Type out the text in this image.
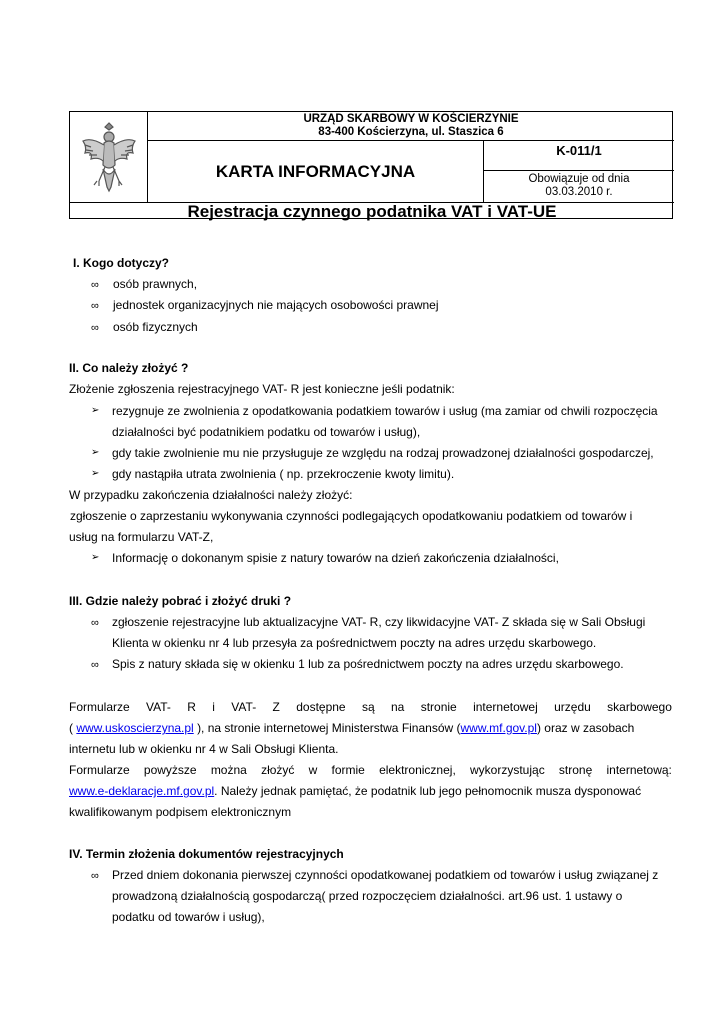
URZĄD SKARBOWY W KOŚCIERZYNIE
83-400 Kościerzyna, ul. Staszica 6
KARTA INFORMACYJNA
K-011/1
Obowiązuje od dnia
03.03.2010 r.
Rejestracja czynnego podatnika VAT i VAT-UE
I. Kogo dotyczy?
∞ osób prawnych,
∞ jednostek organizacyjnych nie mających osobowości prawnej
∞ osób fizycznych
II. Co należy złożyć ?
Złożenie zgłoszenia rejestracyjnego VAT- R jest konieczne jeśli podatnik:
➢ rezygnuje ze zwolnienia z opodatkowania podatkiem towarów i usług (ma zamiar od chwili rozpoczęcia
działalności być podatnikiem podatku od towarów i usług),
➢ gdy takie zwolnienie mu nie przysługuje ze względu na rodzaj prowadzonej działalności gospodarczej,
➢ gdy nastąpiła utrata zwolnienia ( np. przekroczenie kwoty limitu).
W przypadku zakończenia działalności należy złożyć:
zgłoszenie o zaprzestaniu wykonywania czynności podlegających opodatkowaniu podatkiem od towarów i
usług na formularzu VAT-Z,
➢ Informację o dokonanym spisie z natury towarów na dzień zakończenia działalności,
III. Gdzie należy pobrać i złożyć druki ?
∞ zgłoszenie rejestracyjne lub aktualizacyjne VAT- R, czy likwidacyjne VAT- Z składa się w Sali Obsługi
Klienta w okienku nr 4 lub przesyła za pośrednictwem poczty na adres urzędu skarbowego.
∞ Spis z natury składa się w okienku 1 lub za pośrednictwem poczty na adres urzędu skarbowego.
Formularze VAT- R i VAT- Z dostępne są na stronie internetowej urzędu skarbowego
( www.uskoscierzyna.pl ), na stronie internetowej Ministerstwa Finansów (www.mf.gov.pl) oraz w zasobach
internetu lub w okienku nr 4 w Sali Obsługi Klienta.
Formularze powyższe można złożyć w formie elektronicznej, wykorzystując stronę internetową:
www.e-deklaracje.mf.gov.pl. Należy jednak pamiętać, że podatnik lub jego pełnomocnik musza dysponować
kwalifikowanym podpisem elektronicznym
IV. Termin złożenia dokumentów rejestracyjnych
∞ Przed dniem dokonania pierwszej czynności opodatkowanej podatkiem od towarów i usług związanej z
prowadzoną działalnością gospodarczą( przed rozpoczęciem działalności. art.96 ust. 1 ustawy o
podatku od towarów i usług),
